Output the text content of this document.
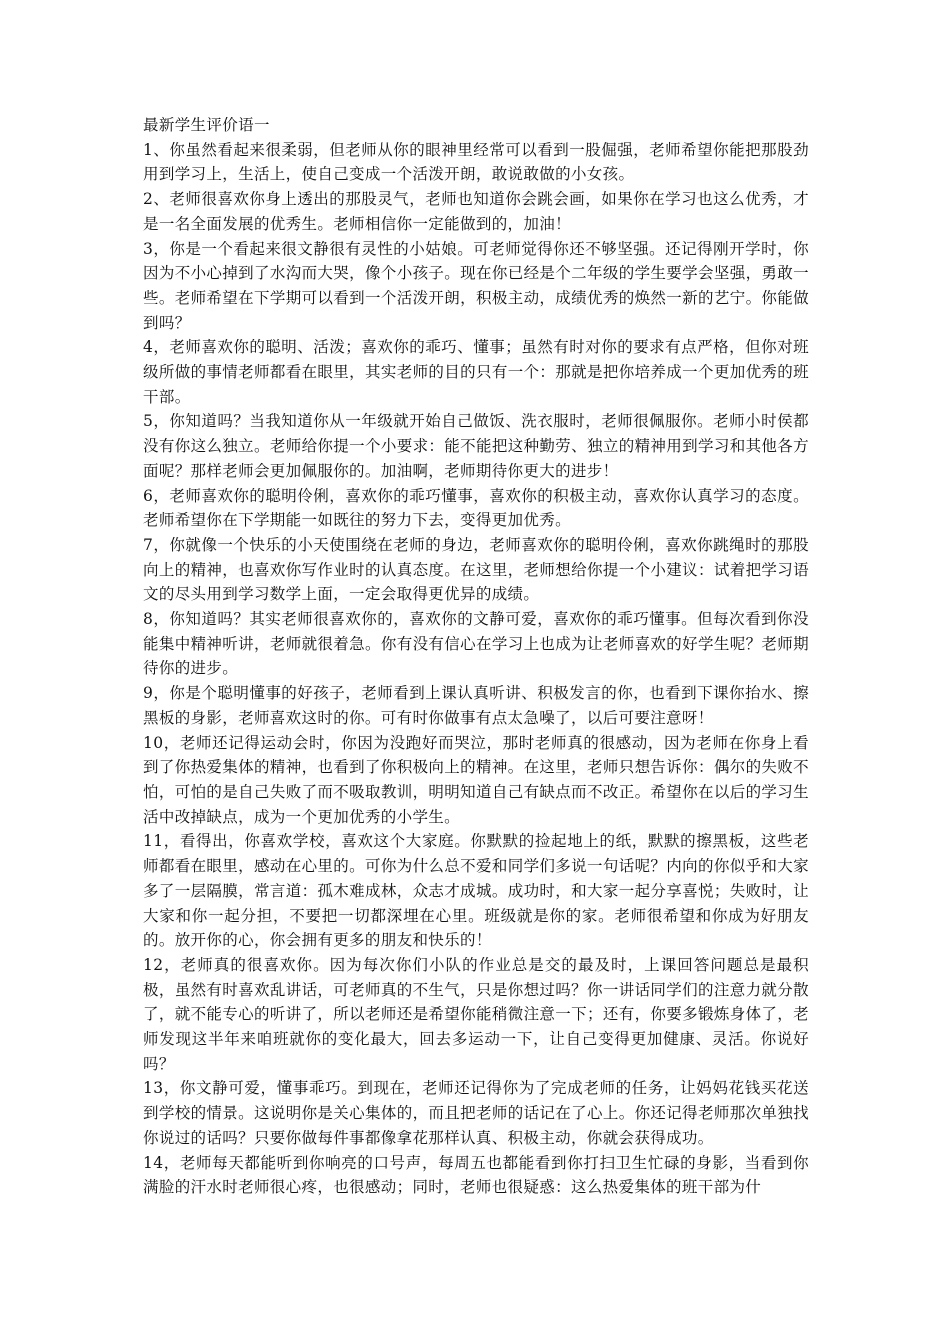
最新学生评价语一

1、你虽然看起来很柔弱，但老师从你的眼神里经常可以看到一股倔强，老师希望你能把那股劲用到学习上，生活上，使自己变成一个活泼开朗，敢说敢做的小女孩。

2、老师很喜欢你身上透出的那股灵气，老师也知道你会跳会画，如果你在学习也这么优秀，才是一名全面发展的优秀生。老师相信你一定能做到的，加油！

3，你是一个看起来很文静很有灵性的小姑娘。可老师觉得你还不够坚强。还记得刚开学时，你因为不小心掉到了水沟而大哭，像个小孩子。现在你已经是个二年级的学生要学会坚强，勇敢一些。老师希望在下学期可以看到一个活泼开朗，积极主动，成绩优秀的焕然一新的艺宁。你能做到吗？

4，老师喜欢你的聪明、活泼；喜欢你的乖巧、懂事；虽然有时对你的要求有点严格，但你对班级所做的事情老师都看在眼里，其实老师的目的只有一个：那就是把你培养成一个更加优秀的班干部。

5，你知道吗？当我知道你从一年级就开始自己做饭、洗衣服时，老师很佩服你。老师小时侯都没有你这么独立。老师给你提一个小要求：能不能把这种勤劳、独立的精神用到学习和其他各方面呢？那样老师会更加佩服你的。加油啊，老师期待你更大的进步！

6，老师喜欢你的聪明伶俐，喜欢你的乖巧懂事，喜欢你的积极主动，喜欢你认真学习的态度。老师希望你在下学期能一如既往的努力下去，变得更加优秀。

7，你就像一个快乐的小天使围绕在老师的身边，老师喜欢你的聪明伶俐，喜欢你跳绳时的那股向上的精神，也喜欢你写作业时的认真态度。在这里，老师想给你提一个小建议：试着把学习语文的尽头用到学习数学上面，一定会取得更优异的成绩。

8，你知道吗？其实老师很喜欢你的，喜欢你的文静可爱，喜欢你的乖巧懂事。但每次看到你没能集中精神听讲，老师就很着急。你有没有信心在学习上也成为让老师喜欢的好学生呢？老师期待你的进步。

9，你是个聪明懂事的好孩子，老师看到上课认真听讲、积极发言的你，也看到下课你抬水、擦黑板的身影，老师喜欢这时的你。可有时你做事有点太急噪了，以后可要注意呀！

10，老师还记得运动会时，你因为没跑好而哭泣，那时老师真的很感动，因为老师在你身上看到了你热爱集体的精神，也看到了你积极向上的精神。在这里，老师只想告诉你：偶尔的失败不怕，可怕的是自己失败了而不吸取教训，明明知道自己有缺点而不改正。希望你在以后的学习生活中改掉缺点，成为一个更加优秀的小学生。

11，看得出，你喜欢学校，喜欢这个大家庭。你默默的捡起地上的纸，默默的擦黑板，这些老师都看在眼里，感动在心里的。可你为什么总不爱和同学们多说一句话呢？内向的你似乎和大家多了一层隔膜，常言道：孤木难成林，众志才成城。成功时，和大家一起分享喜悦；失败时，让大家和你一起分担，不要把一切都深埋在心里。班级就是你的家。老师很希望和你成为好朋友的。放开你的心，你会拥有更多的朋友和快乐的！

12，老师真的很喜欢你。因为每次你们小队的作业总是交的最及时，上课回答问题总是最积极，虽然有时喜欢乱讲话，可老师真的不生气，只是你想过吗？你一讲话同学们的注意力就分散了，就不能专心的听讲了，所以老师还是希望你能稍微注意一下；还有，你要多锻炼身体了，老师发现这半年来咱班就你的变化最大，回去多运动一下，让自己变得更加健康、灵活。你说好吗？

13，你文静可爱，懂事乖巧。到现在，老师还记得你为了完成老师的任务，让妈妈花钱买花送到学校的情景。这说明你是关心集体的，而且把老师的话记在了心上。你还记得老师那次单独找你说过的话吗？只要你做每件事都像拿花那样认真、积极主动，你就会获得成功。

14，老师每天都能听到你响亮的口号声，每周五也都能看到你打扫卫生忙碌的身影，当看到你满脸的汗水时老师很心疼，也很感动；同时，老师也很疑惑：这么热爱集体的班干部为什
